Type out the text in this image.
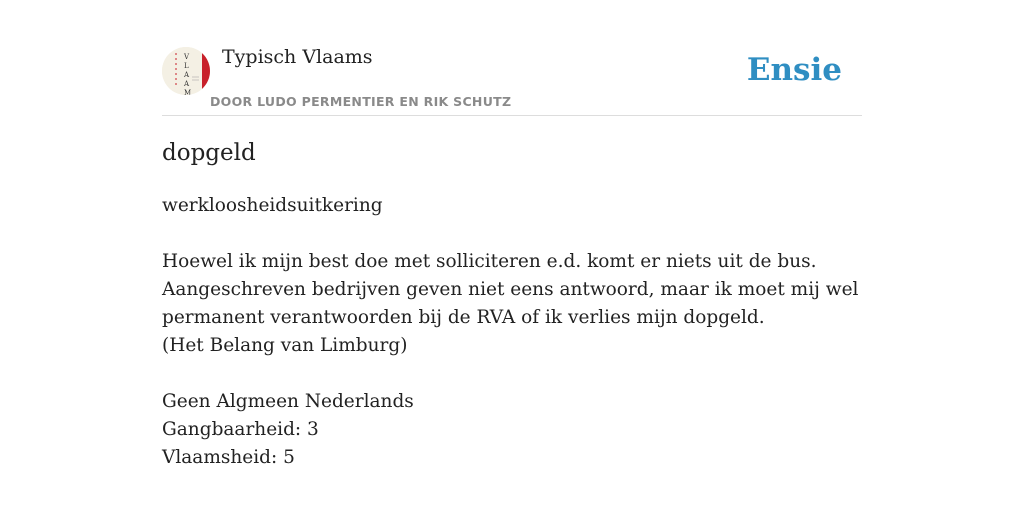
V
L
A
A
M
Typisch Vlaams
DOOR LUDO PERMENTIER EN RIK SCHUTZ
Ensie
dopgeld
werkloosheidsuitkering
Hoewel ik mijn best doe met solliciteren e.d. komt er niets uit de bus.
Aangeschreven bedrijven geven niet eens antwoord, maar ik moet mij wel
permanent verantwoorden bij de RVA of ik verlies mijn dopgeld.
(Het Belang van Limburg)
Geen Algmeen Nederlands
Gangbaarheid: 3
Vlaamsheid: 5
